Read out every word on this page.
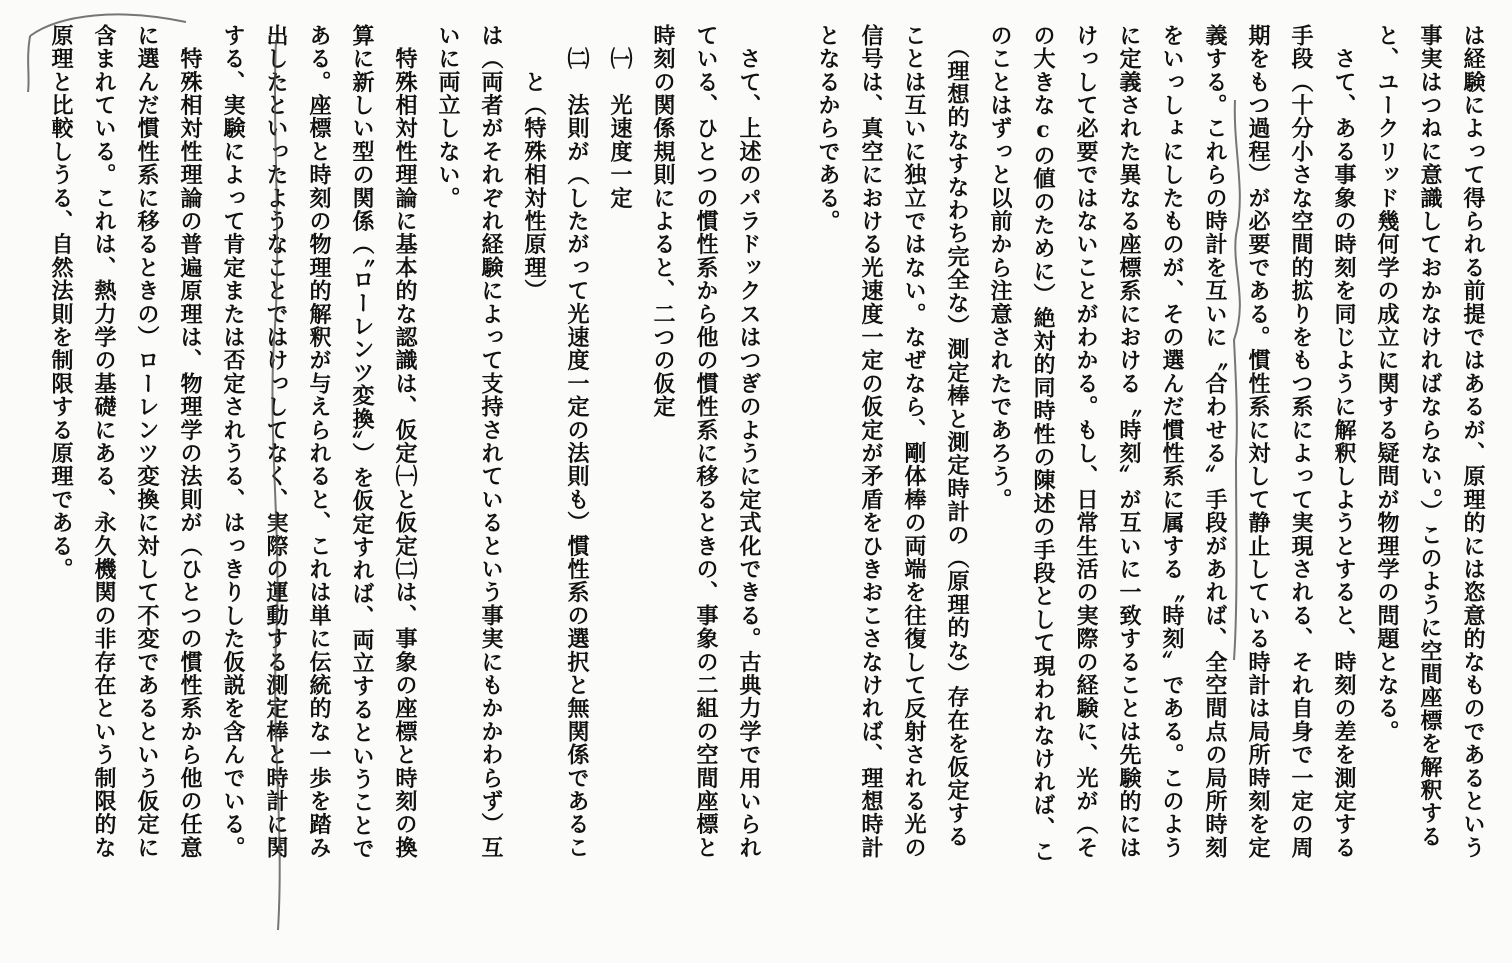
は経験によって得られる前提ではあるが、原理的には恣意的なものであるという
事実はつねに意識しておかなければならない。）このように空間座標を解釈する
と、ユークリッド幾何学の成立に関する疑問が物理学の問題となる。
　さて、ある事象の時刻を同じように解釈しようとすると、時刻の差を測定する
手段（十分小さな空間的拡りをもつ系によって実現される、それ自身で一定の周
期をもつ過程）が必要である。慣性系に対して静止している時計は局所時刻を定
義する。これらの時計を互いに〝合わせる〟手段があれば、全空間点の局所時刻
をいっしょにしたものが、その選んだ慣性系に属する〝時刻〟である。このよう
に定義された異なる座標系における〝時刻〟が互いに一致することは先験的には
けっして必要ではないことがわかる。もし、日常生活の実際の経験に、光が（そ
の大きなcの値のために）絶対的同時性の陳述の手段として現われなければ、こ
のことはずっと以前から注意されたであろう。
　（理想的なすなわち完全な）測定棒と測定時計の（原理的な）存在を仮定する
ことは互いに独立ではない。なぜなら、剛体棒の両端を往復して反射される光の
信号は、真空における光速度一定の仮定が矛盾をひきおこさなければ、理想時計
となるからである。
　さて、上述のパラドックスはつぎのように定式化できる。古典力学で用いられ
ている、ひとつの慣性系から他の慣性系に移るときの、事象の二組の空間座標と
時刻の関係規則によると、二つの仮定
　㈠　光速度一定
　㈡　法則が（したがって光速度一定の法則も）慣性系の選択と無関係であるこ
　　と（特殊相対性原理）
は（両者がそれぞれ経験によって支持されているという事実にもかかわらず）互
いに両立しない。
　特殊相対性理論に基本的な認識は、仮定㈠と仮定㈡は、事象の座標と時刻の換
算に新しい型の関係（〝ローレンツ変換〟）を仮定すれば、両立するということで
ある。座標と時刻の物理的解釈が与えられると、これは単に伝統的な一歩を踏み
出したといったようなことではけっしてなく、実際の運動する測定棒と時計に関
する、実験によって肯定または否定されうる、はっきりした仮説を含んでいる。
　特殊相対性理論の普遍原理は、物理学の法則が（ひとつの慣性系から他の任意
に選んだ慣性系に移るときの）ローレンツ変換に対して不変であるという仮定に
含まれている。これは、熱力学の基礎にある、永久機関の非存在という制限的な
原理と比較しうる、自然法則を制限する原理である。
